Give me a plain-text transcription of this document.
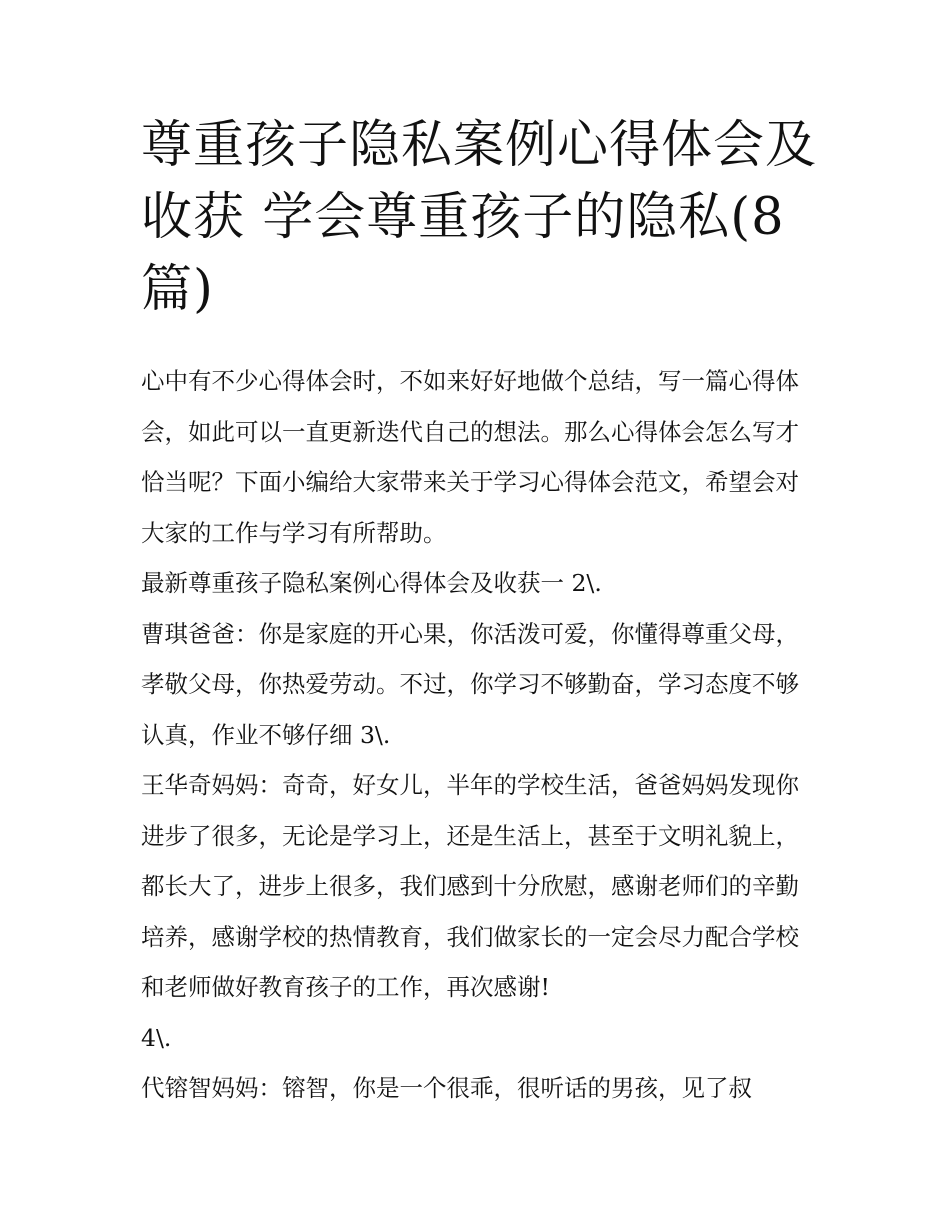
尊重孩子隐私案例心得体会及收获 学会尊重孩子的隐私(8篇)

心中有不少心得体会时，不如来好好地做个总结，写一篇心得体会，如此可以一直更新迭代自己的想法。那么心得体会怎么写才恰当呢？下面小编给大家带来关于学习心得体会范文，希望会对大家的工作与学习有所帮助。

最新尊重孩子隐私案例心得体会及收获一 2\.

曹琪爸爸：你是家庭的开心果，你活泼可爱，你懂得尊重父母，孝敬父母，你热爱劳动。不过，你学习不够勤奋，学习态度不够认真，作业不够仔细 3\.

王华奇妈妈：奇奇，好女儿，半年的学校生活，爸爸妈妈发现你进步了很多，无论是学习上，还是生活上，甚至于文明礼貌上，都长大了，进步上很多，我们感到十分欣慰，感谢老师们的辛勤培养，感谢学校的热情教育，我们做家长的一定会尽力配合学校和老师做好教育孩子的工作，再次感谢!

4\.

代镕智妈妈：镕智，你是一个很乖，很听话的男孩，见了叔
